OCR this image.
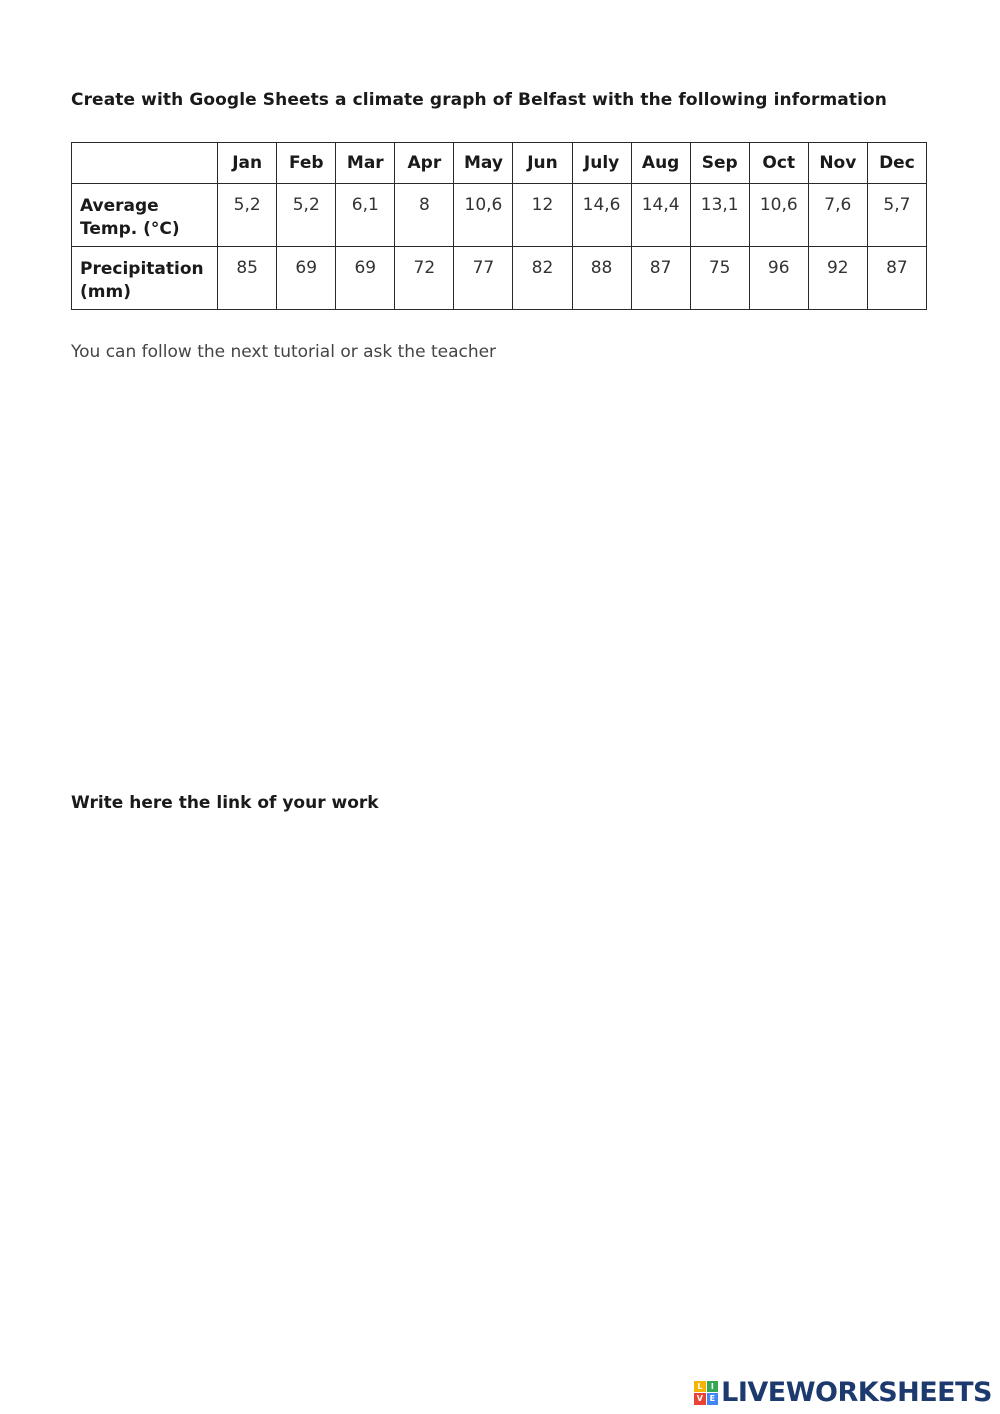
Create with Google Sheets a climate graph of Belfast with the following information
	Jan	Feb	Mar	Apr	May	Jun	July	Aug	Sep	Oct	Nov	Dec
Average Temp. (°C)	5,2	5,2	6,1	8	10,6	12	14,6	14,4	13,1	10,6	7,6	5,7
Precipitation (mm)	85	69	69	72	77	82	88	87	75	96	92	87
You can follow the next tutorial or ask the teacher
Write here the link of your work
L	I
V E LIVEWORKSHEETS
